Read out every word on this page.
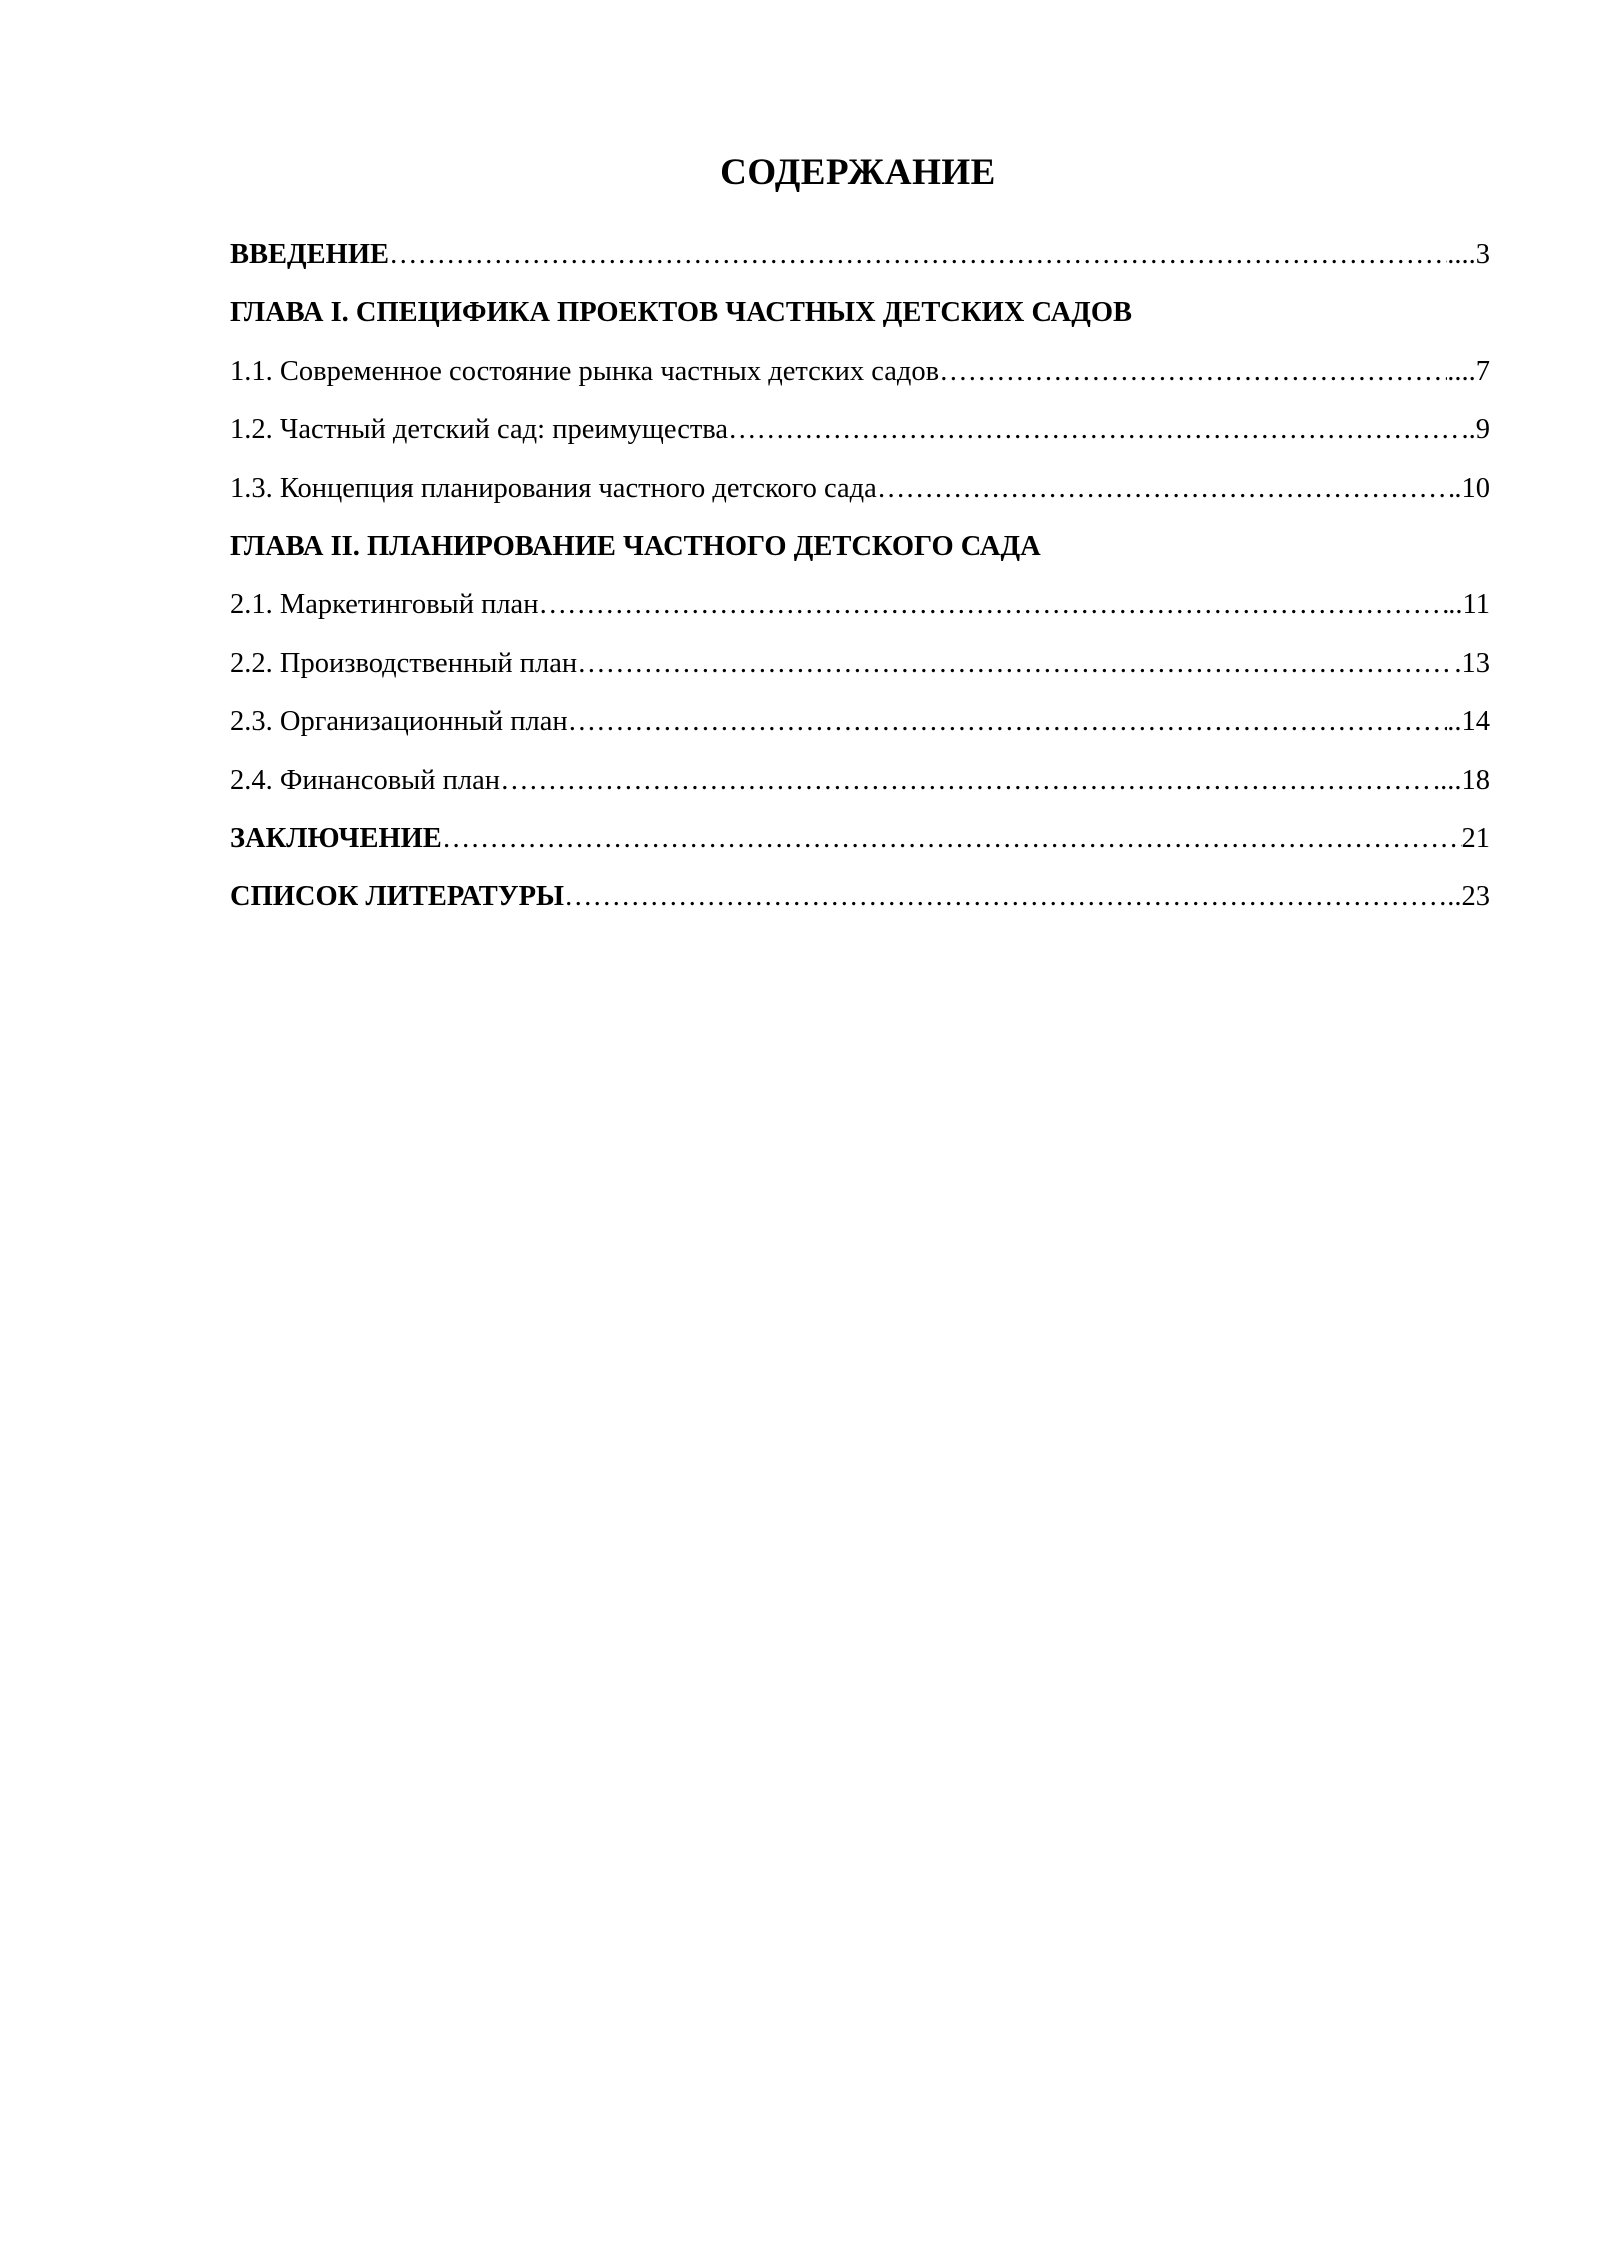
СОДЕРЖАНИЕ
ВВЕДЕНИЕ ……………………………………………………………………………………………………………………………………………………………………………………………………	....3
ГЛАВА I. СПЕЦИФИКА ПРОЕКТОВ ЧАСТНЫХ ДЕТСКИХ САДОВ
1.1. Современное состояние рынка частных детских садов ……………………………………………………………………………………………………………………………………………………………………………………………………	....7
1.2. Частный детский сад: преимущества ……………………………………………………………………………………………………………………………………………………………………………………………………	..9
1.3. Концепция планирования частного детского сада ……………………………………………………………………………………………………………………………………………………………………………………………………	.10
ГЛАВА II. ПЛАНИРОВАНИЕ ЧАСТНОГО ДЕТСКОГО САДА
2.1. Маркетинговый план ……………………………………………………………………………………………………………………………………………………………………………………………………	..11
2.2. Производственный план ……………………………………………………………………………………………………………………………………………………………………………………………………	.13
2.3. Организационный план ……………………………………………………………………………………………………………………………………………………………………………………………………	..14
2.4. Финансовый план ……………………………………………………………………………………………………………………………………………………………………………………………………	....18
ЗАКЛЮЧЕНИЕ ……………………………………………………………………………………………………………………………………………………………………………………………………	21
СПИСОК ЛИТЕРАТУРЫ ……………………………………………………………………………………………………………………………………………………………………………………………………	..23
